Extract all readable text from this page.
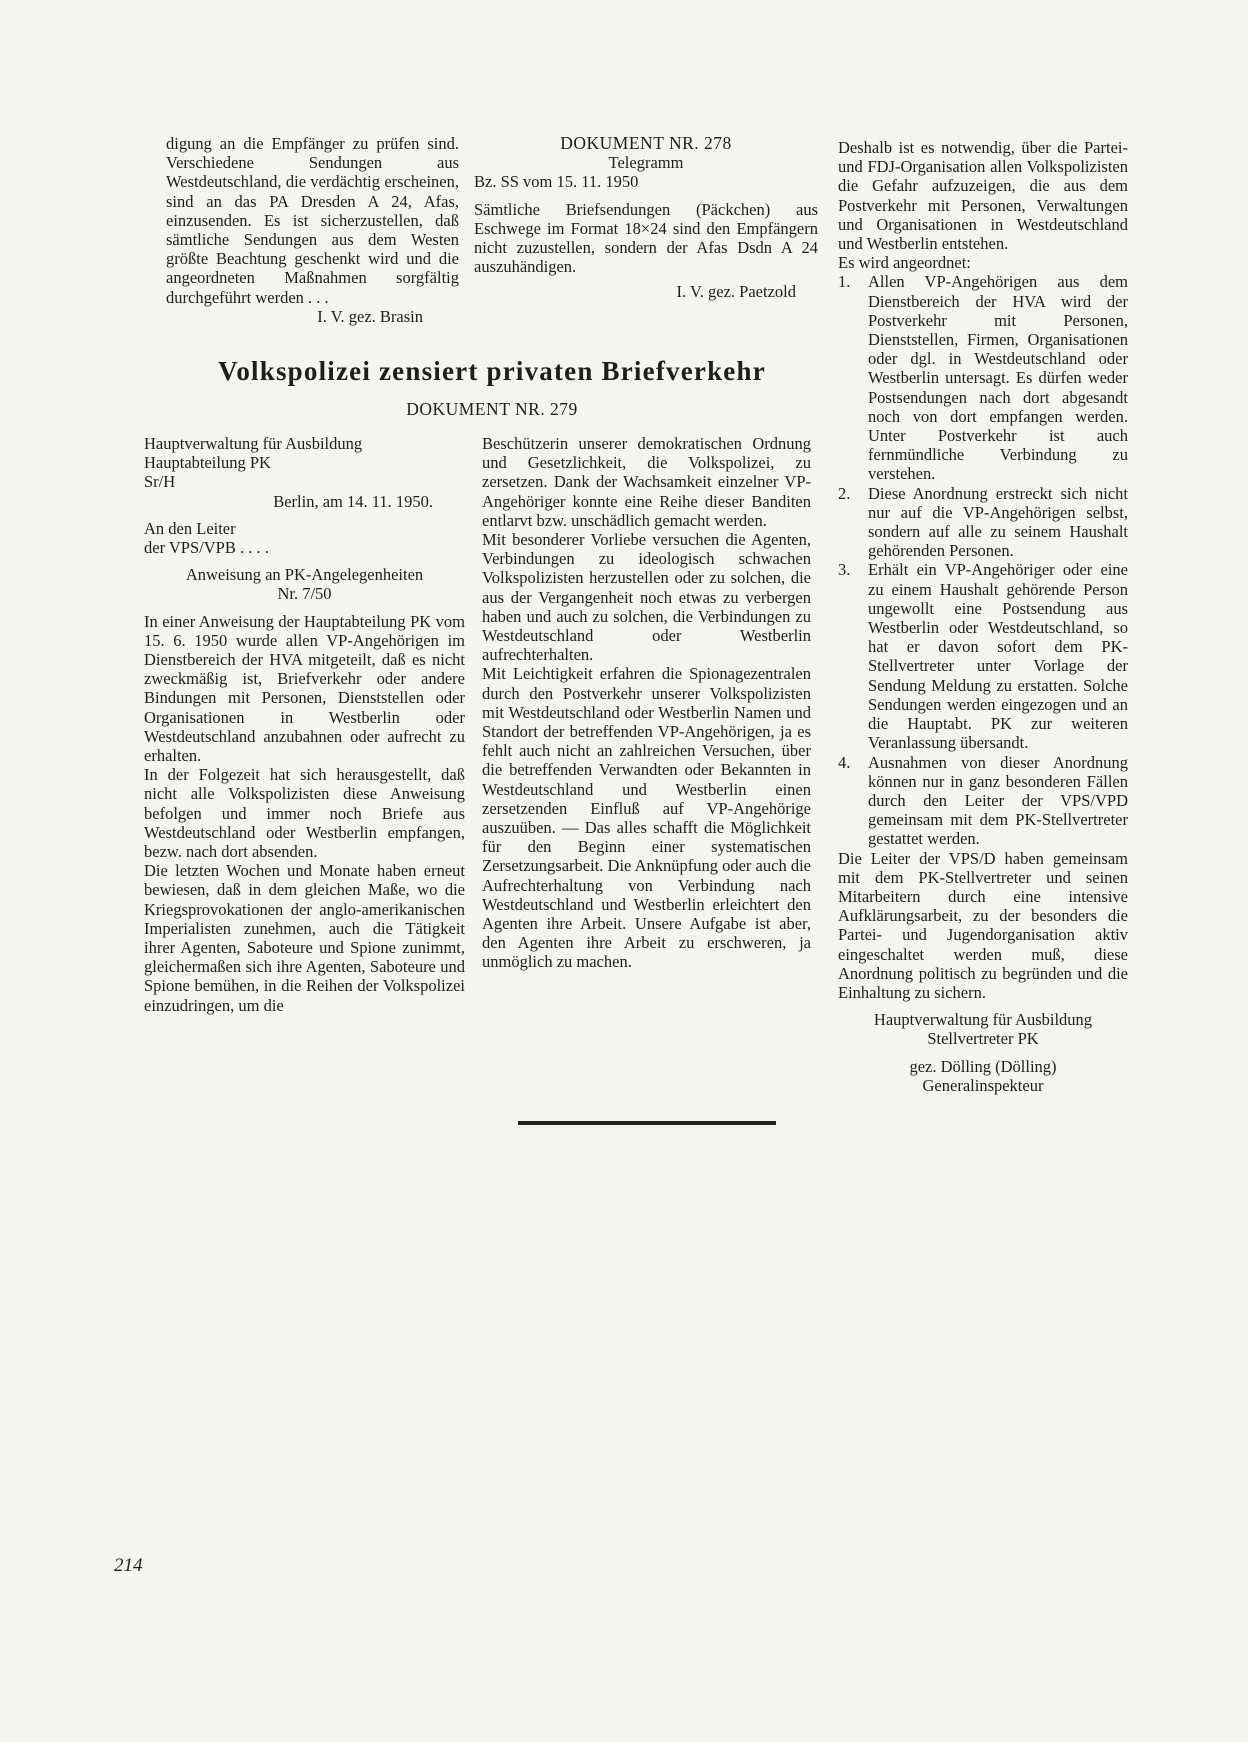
digung an die Empfänger zu prüfen sind. Verschiedene Sendungen aus Westdeutschland, die verdächtig erscheinen, sind an das PA Dresden A 24, Afas, einzusenden. Es ist sicherzustellen, daß sämtliche Sendungen aus dem Westen größte Beachtung geschenkt wird und die angeordneten Maßnahmen sorgfältig durchgeführt werden . . .

I. V. gez. Brasin

DOKUMENT NR. 278

Telegramm

Bz. SS vom 15. 11. 1950

Sämtliche Briefsendungen (Päckchen) aus Eschwege im Format 18×24 sind den Empfängern nicht zuzustellen, sondern der Afas Dsdn A 24 auszuhändigen.

I. V. gez. Paetzold

Deshalb ist es notwendig, über die Partei- und FDJ-Organisation allen Volkspolizisten die Gefahr aufzuzeigen, die aus dem Postverkehr mit Personen, Verwaltungen und Organisationen in Westdeutschland und Westberlin entstehen.

Es wird angeordnet:

1. Allen VP-Angehörigen aus dem Dienstbereich der HVA wird der Postverkehr mit Personen, Dienststellen, Firmen, Organisationen oder dgl. in Westdeutschland oder Westberlin untersagt. Es dürfen weder Postsendungen nach dort abgesandt noch von dort empfangen werden. Unter Postverkehr ist auch fernmündliche Verbindung zu verstehen.
2. Diese Anordnung erstreckt sich nicht nur auf die VP-Angehörigen selbst, sondern auf alle zu seinem Haushalt gehörenden Personen.
3. Erhält ein VP-Angehöriger oder eine zu einem Haushalt gehörende Person ungewollt eine Postsendung aus Westberlin oder Westdeutschland, so hat er davon sofort dem PK-Stellvertreter unter Vorlage der Sendung Meldung zu erstatten. Solche Sendungen werden eingezogen und an die Hauptabt. PK zur weiteren Veranlassung übersandt.
4. Ausnahmen von dieser Anordnung können nur in ganz besonderen Fällen durch den Leiter der VPS/VPD gemeinsam mit dem PK-Stellvertreter gestattet werden.

Die Leiter der VPS/D haben gemeinsam mit dem PK-Stellvertreter und seinen Mitarbeitern durch eine intensive Aufklärungsarbeit, zu der besonders die Partei- und Jugendorganisation aktiv eingeschaltet werden muß, diese Anordnung politisch zu begründen und die Einhaltung zu sichern.

Hauptverwaltung für Ausbildung

Stellvertreter PK

gez. Dölling (Dölling)

Generalinspekteur

Volkspolizei zensiert privaten Briefverkehr
DOKUMENT NR. 279

Hauptverwaltung für Ausbildung

Hauptabteilung PK

Sr/H

Berlin, am 14. 11. 1950.

An den Leiter

der VPS/VPB . . . .

Anweisung an PK-Angelegenheiten

Nr. 7/50

In einer Anweisung der Hauptabteilung PK vom 15. 6. 1950 wurde allen VP-Angehörigen im Dienstbereich der HVA mitgeteilt, daß es nicht zweckmäßig ist, Briefverkehr oder andere Bindungen mit Personen, Dienststellen oder Organisationen in Westberlin oder Westdeutschland anzubahnen oder aufrecht zu erhalten.

In der Folgezeit hat sich herausgestellt, daß nicht alle Volkspolizisten diese Anweisung befolgen und immer noch Briefe aus Westdeutschland oder Westberlin empfangen, bezw. nach dort absenden.

Die letzten Wochen und Monate haben erneut bewiesen, daß in dem gleichen Maße, wo die Kriegsprovokationen der anglo-amerikanischen Imperialisten zunehmen, auch die Tätigkeit ihrer Agenten, Saboteure und Spione zunimmt, gleichermaßen sich ihre Agenten, Saboteure und Spione bemühen, in die Reihen der Volkspolizei einzudringen, um die

Beschützerin unserer demokratischen Ordnung und Gesetzlichkeit, die Volkspolizei, zu zersetzen. Dank der Wachsamkeit einzelner VP-Angehöriger konnte eine Reihe dieser Banditen entlarvt bzw. unschädlich gemacht werden.

Mit besonderer Vorliebe versuchen die Agenten, Verbindungen zu ideologisch schwachen Volkspolizisten herzustellen oder zu solchen, die aus der Vergangenheit noch etwas zu verbergen haben und auch zu solchen, die Verbindungen zu Westdeutschland oder Westberlin aufrechterhalten.

Mit Leichtigkeit erfahren die Spionagezentralen durch den Postverkehr unserer Volkspolizisten mit Westdeutschland oder Westberlin Namen und Standort der betreffenden VP-Angehörigen, ja es fehlt auch nicht an zahlreichen Versuchen, über die betreffenden Verwandten oder Bekannten in Westdeutschland und Westberlin einen zersetzenden Einfluß auf VP-Angehörige auszuüben. — Das alles schafft die Möglichkeit für den Beginn einer systematischen Zersetzungsarbeit. Die Anknüpfung oder auch die Aufrechterhaltung von Verbindung nach Westdeutschland und Westberlin erleichtert den Agenten ihre Arbeit. Unsere Aufgabe ist aber, den Agenten ihre Arbeit zu erschweren, ja unmöglich zu machen.

214
